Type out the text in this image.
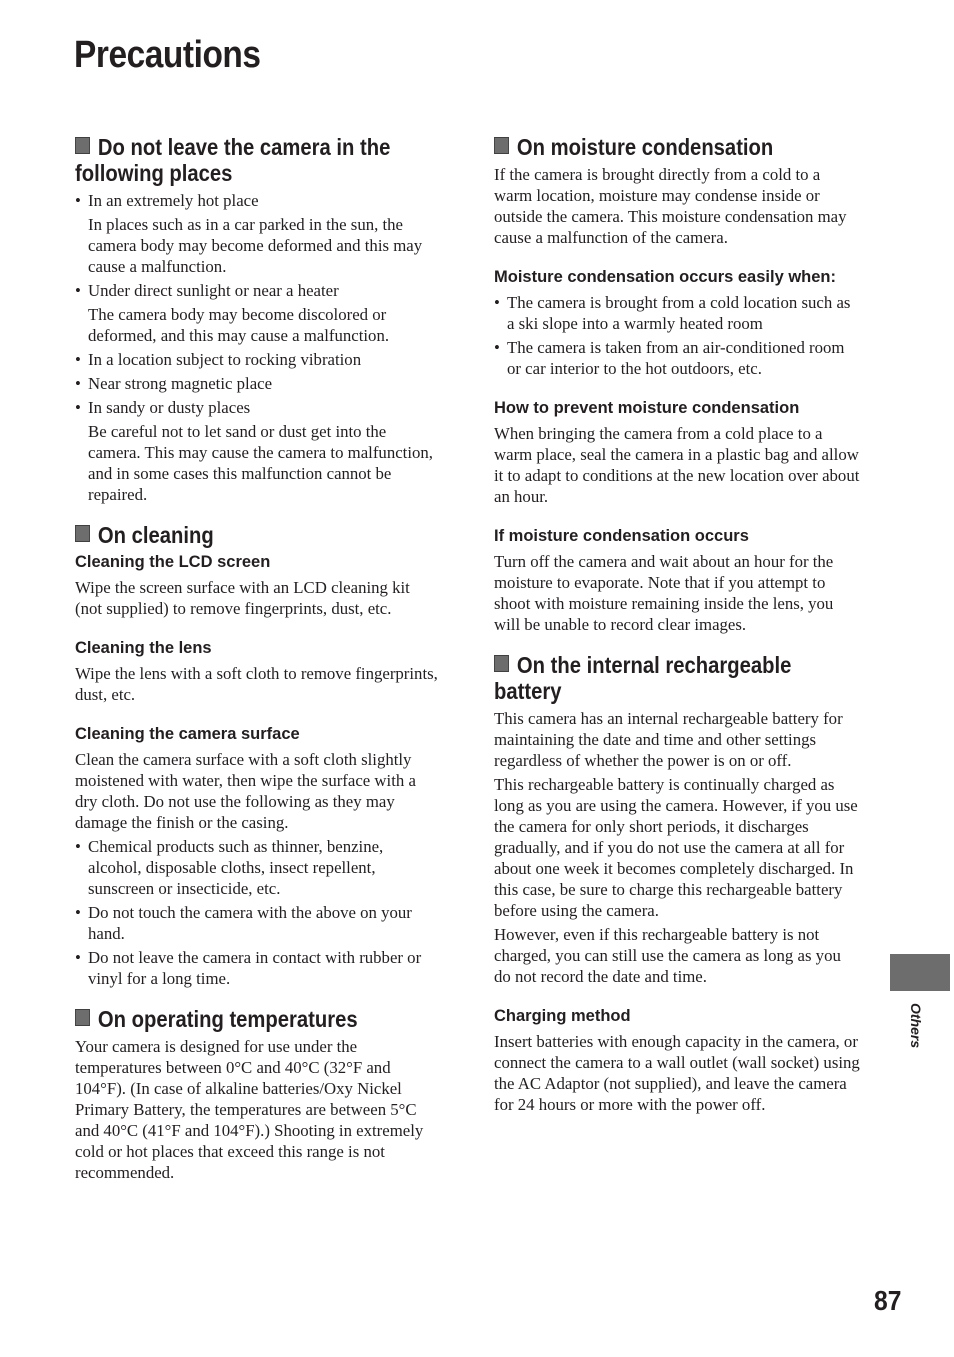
Precautions
Do not leave the camera in the following places
• In an extremely hot place

In places such as in a car parked in the sun, the camera body may become deformed and this may cause a malfunction.

• Under direct sunlight or near a heater

The camera body may become discolored or deformed, and this may cause a malfunction.

• In a location subject to rocking vibration
• Near strong magnetic place
• In sandy or dusty places

Be careful not to let sand or dust get into the camera. This may cause the camera to malfunction, and in some cases this malfunction cannot be repaired.

On cleaning
Cleaning the LCD screen

Wipe the screen surface with an LCD cleaning kit (not supplied) to remove fingerprints, dust, etc.

Cleaning the lens

Wipe the lens with a soft cloth to remove fingerprints, dust, etc.

Cleaning the camera surface

Clean the camera surface with a soft cloth slightly moistened with water, then wipe the surface with a dry cloth. Do not use the following as they may damage the finish or the casing.

• Chemical products such as thinner, benzine, alcohol, disposable cloths, insect repellent, sunscreen or insecticide, etc.
• Do not touch the camera with the above on your hand.
• Do not leave the camera in contact with rubber or vinyl for a long time.
On operating temperatures

Your camera is designed for use under the temperatures between 0°C and 40°C (32°F and 104°F). (In case of alkaline batteries/Oxy Nickel Primary Battery, the temperatures are between 5°C and 40°C (41°F and 104°F).) Shooting in extremely cold or hot places that exceed this range is not recommended.

On moisture condensation

If the camera is brought directly from a cold to a warm location, moisture may condense inside or outside the camera. This moisture condensation may cause a malfunction of the camera.

Moisture condensation occurs easily when:
• The camera is brought from a cold location such as a ski slope into a warmly heated room
• The camera is taken from an air-conditioned room or car interior to the hot outdoors, etc.
How to prevent moisture condensation

When bringing the camera from a cold place to a warm place, seal the camera in a plastic bag and allow it to adapt to conditions at the new location over about an hour.

If moisture condensation occurs

Turn off the camera and wait about an hour for the moisture to evaporate. Note that if you attempt to shoot with moisture remaining inside the lens, you will be unable to record clear images.

On the internal rechargeable battery

This camera has an internal rechargeable battery for maintaining the date and time and other settings regardless of whether the power is on or off.

This rechargeable battery is continually charged as long as you are using the camera. However, if you use the camera for only short periods, it discharges gradually, and if you do not use the camera at all for about one week it becomes completely discharged. In this case, be sure to charge this rechargeable battery before using the camera.

However, even if this rechargeable battery is not charged, you can still use the camera as long as you do not record the date and time.

Charging method

Insert batteries with enough capacity in the camera, or connect the camera to a wall outlet (wall socket) using the AC Adaptor (not supplied), and leave the camera for 24 hours or more with the power off.

Others
87
